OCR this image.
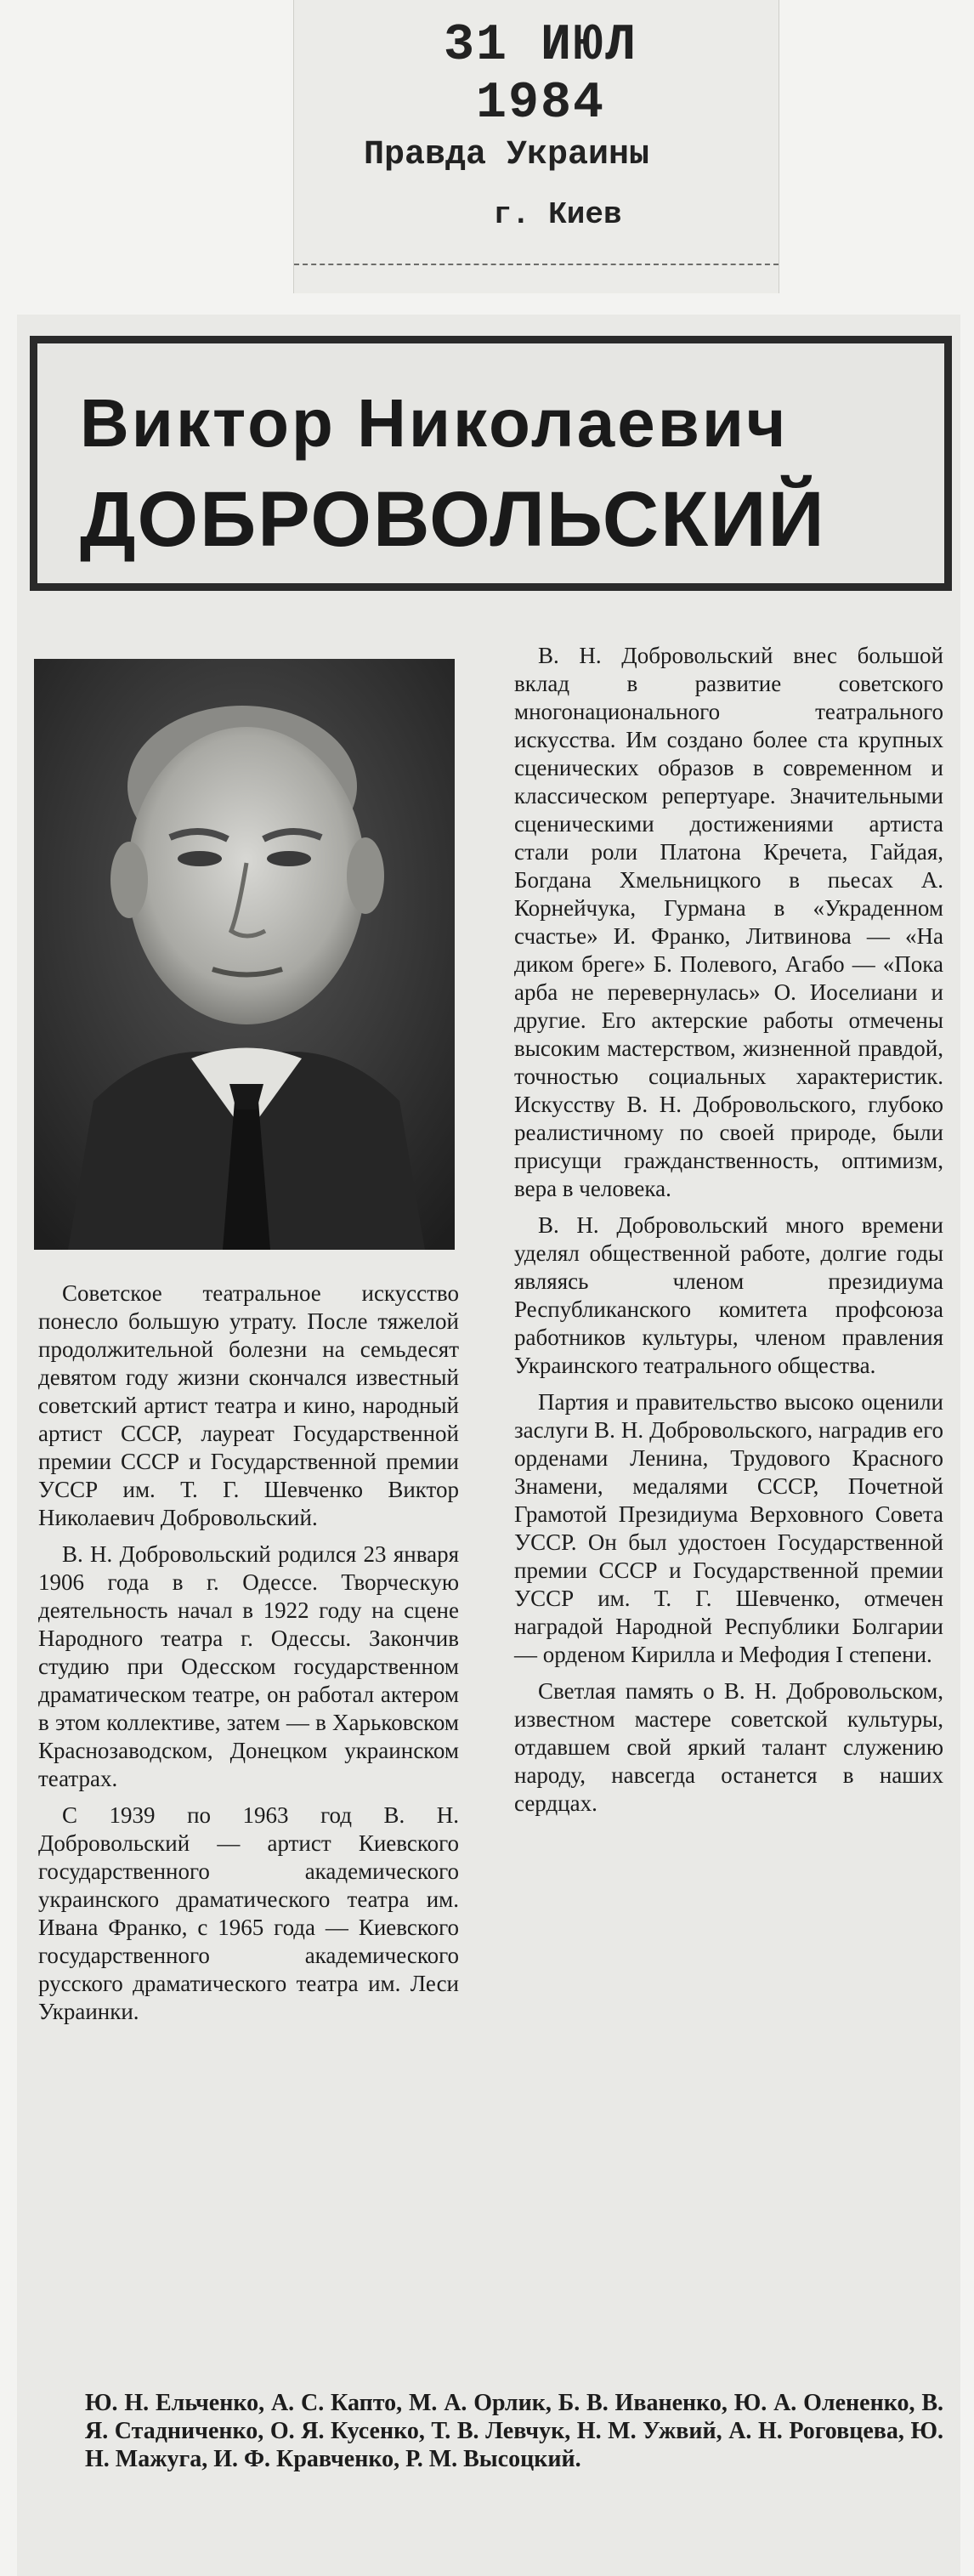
31 ИЮЛ 1984
Правда Украины
г. Киев
Виктор Николаевич
ДОБРОВОЛЬСКИЙ

Советское театральное искусство понесло большую утрату. После тяжелой продолжительной болезни на семьдесят девятом году жизни скончался известный советский артист театра и кино, народный артист СССР, лауреат Государственной премии СССР и Государственной премии УССР им. Т. Г. Шевченко Виктор Николаевич Добровольский.

В. Н. Добровольский родился 23 января 1906 года в г. Одессе. Творческую деятельность начал в 1922 году на сцене Народного театра г. Одессы. Закончив студию при Одесском государственном драматическом театре, он работал актером в этом коллективе, затем — в Харьковском Краснозаводском, Донецком украинском театрах.

С 1939 по 1963 год В. Н. Добровольский — артист Киевского государственного академического украинского драматического театра им. Ивана Франко, с 1965 года — Киевского государственного академического русского драматического театра им. Леси Украинки.

В. Н. Добровольский внес большой вклад в развитие советского многонационального театрального искусства. Им создано более ста крупных сценических образов в современном и классическом репертуаре. Значительными сценическими достижениями артиста стали роли Платона Кречета, Гайдая, Богдана Хмельницкого в пьесах А. Корнейчука, Гурмана в «Украденном счастье» И. Франко, Литвинова — «На диком бреге» Б. Полевого, Агабо — «Пока арба не перевернулась» О. Иоселиани и другие. Его актерские работы отмечены высоким мастерством, жизненной правдой, точностью социальных характеристик. Искусству В. Н. Добровольского, глубоко реалистичному по своей природе, были присущи гражданственность, оптимизм, вера в человека.

В. Н. Добровольский много времени уделял общественной работе, долгие годы являясь членом президиума Республиканского комитета профсоюза работников культуры, членом правления Украинского театрального общества.

Партия и правительство высоко оценили заслуги В. Н. Добровольского, наградив его орденами Ленина, Трудового Красного Знамени, медалями СССР, Почетной Грамотой Президиума Верховного Совета УССР. Он был удостоен Государственной премии СССР и Государственной премии УССР им. Т. Г. Шевченко, отмечен наградой Народной Республики Болгарии — орденом Кирилла и Мефодия I степени.

Светлая память о В. Н. Добровольском, известном мастере советской культуры, отдавшем свой яркий талант служению народу, навсегда останется в наших сердцах.

Ю. Н. Ельченко, А. С. Капто, М. А. Орлик, Б. В. Иваненко, Ю. А. Олененко, В. Я. Стадниченко, О. Я. Кусенко, Т. В. Левчук, Н. М. Ужвий, А. Н. Роговцева, Ю. Н. Мажуга, И. Ф. Кравченко, Р. М. Высоцкий.
